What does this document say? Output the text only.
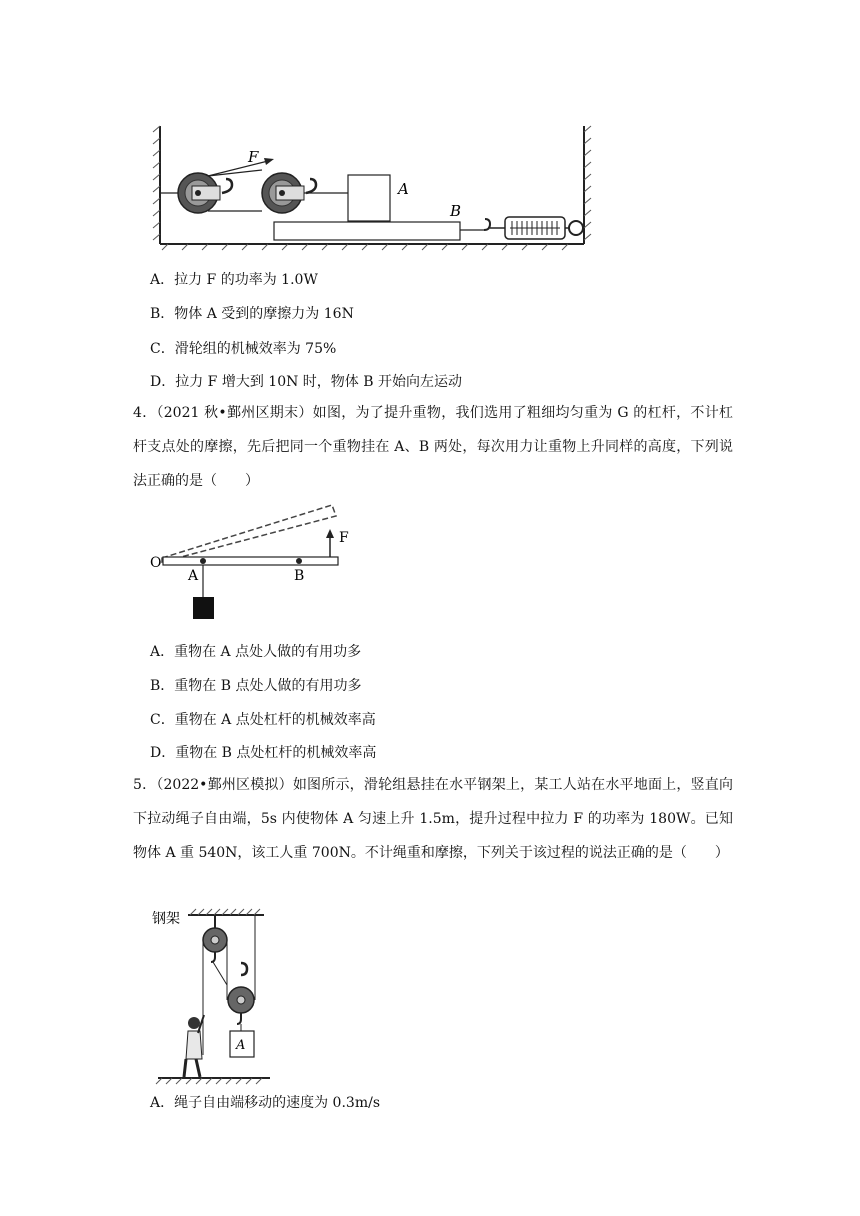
F
A
B
A．拉力 F 的功率为 1.0W
B．物体 A 受到的摩擦力为 16N
C．滑轮组的机械效率为 75%
D．拉力 F 增大到 10N 时，物体 B 开始向左运动
4．（2021 秋•鄞州区期末）如图，为了提升重物，我们选用了粗细均匀重为 G 的杠杆，不计杠杆支点处的摩擦，先后把同一个重物挂在 A、B 两处，每次用力让重物上升同样的高度，下列说法正确的是（　　）
O
A	B
F
A．重物在 A 点处人做的有用功多
B．重物在 B 点处人做的有用功多
C．重物在 A 点处杠杆的机械效率高
D．重物在 B 点处杠杆的机械效率高
5．（2022•鄞州区模拟）如图所示，滑轮组悬挂在水平钢架上，某工人站在水平地面上，竖直向下拉动绳子自由端，5s 内使物体 A 匀速上升 1.5m，提升过程中拉力 F 的功率为 180W。已知物体 A 重 540N，该工人重 700N。不计绳重和摩擦，下列关于该过程的说法正确的是（　　）
钢架
A
A．绳子自由端移动的速度为 0.3m/s
